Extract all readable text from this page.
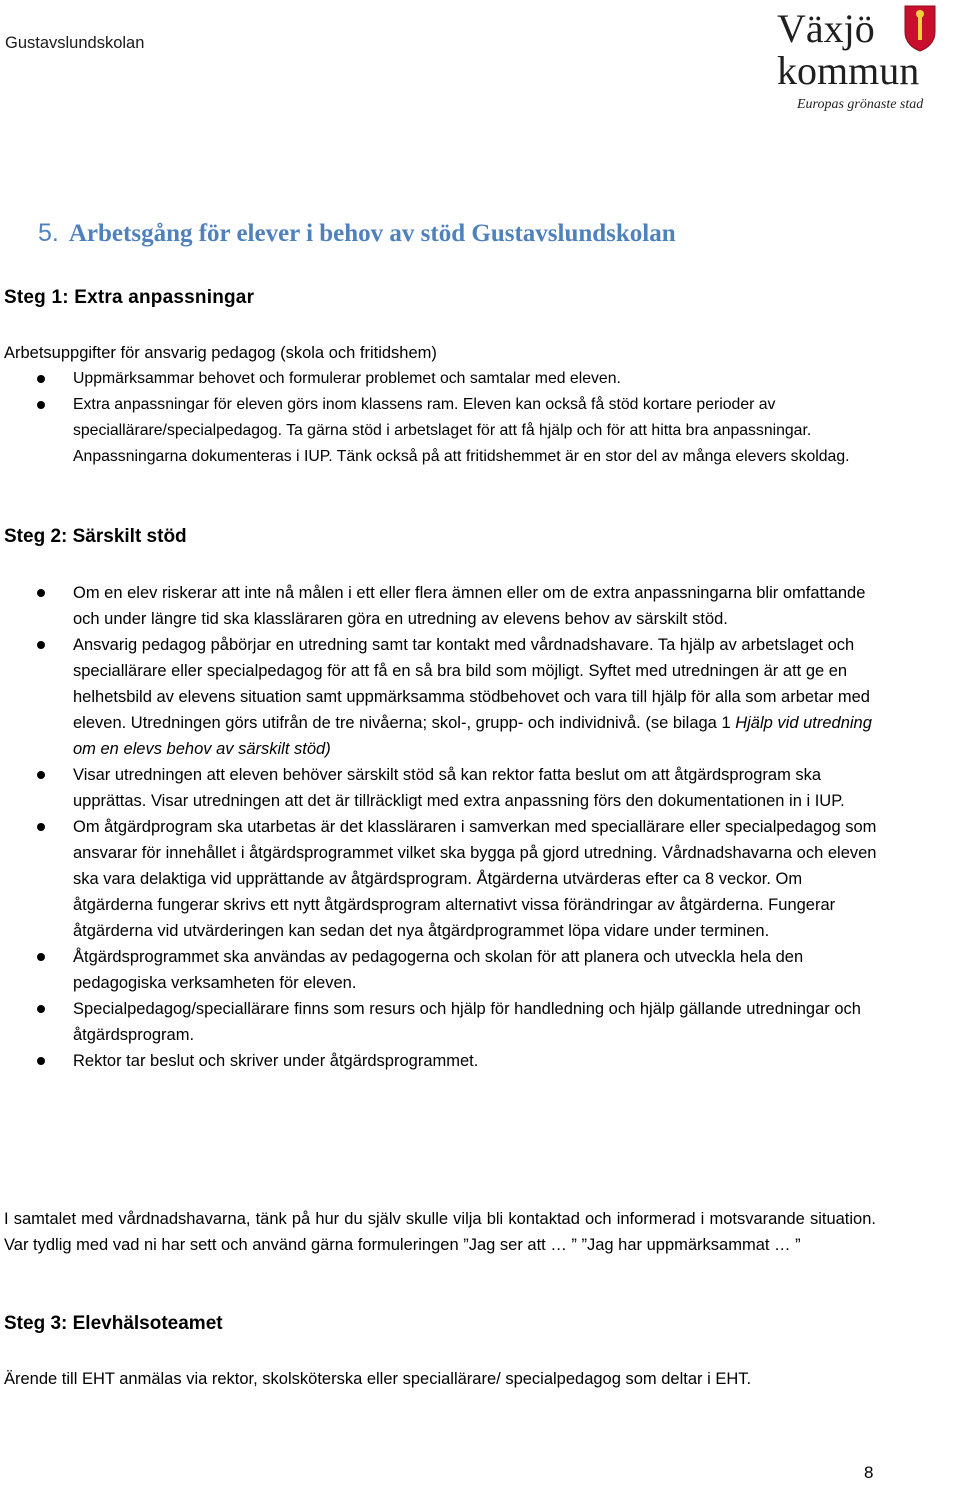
Gustavslundskolan	Växjö
kommun
Europas grönaste stad
5. Arbetsgång för elever i behov av stöd Gustavslundskolan
Steg 1: Extra anpassningar
Arbetsuppgifter för ansvarig pedagog (skola och fritidshem)
Uppmärksammar behovet och formulerar problemet och samtalar med eleven.
Extra anpassningar för eleven görs inom klassens ram. Eleven kan också få stöd kortare perioder av speciallärare/specialpedagog. Ta gärna stöd i arbetslaget för att få hjälp och för att hitta bra anpassningar. Anpassningarna dokumenteras i IUP. Tänk också på att fritidshemmet är en stor del av många elevers skoldag.
Steg 2: Särskilt stöd
Om en elev riskerar att inte nå målen i ett eller flera ämnen eller om de extra anpassningarna blir omfattande och under längre tid ska klassläraren göra en utredning av elevens behov av särskilt stöd.
Ansvarig pedagog påbörjar en utredning samt tar kontakt med vårdnadshavare. Ta hjälp av arbetslaget och speciallärare eller specialpedagog för att få en så bra bild som möjligt. Syftet med utredningen är att ge en helhetsbild av elevens situation samt uppmärksamma stödbehovet och vara till hjälp för alla som arbetar med eleven. Utredningen görs utifrån de tre nivåerna; skol-, grupp- och individnivå. (se bilaga 1 Hjälp vid utredning om en elevs behov av särskilt stöd)
Visar utredningen att eleven behöver särskilt stöd så kan rektor fatta beslut om att åtgärdsprogram ska upprättas. Visar utredningen att det är tillräckligt med extra anpassning förs den dokumentationen in i IUP.
Om åtgärdprogram ska utarbetas är det klassläraren i samverkan med speciallärare eller specialpedagog som ansvarar för innehållet i åtgärdsprogrammet vilket ska bygga på gjord utredning. Vårdnadshavarna och eleven ska vara delaktiga vid upprättande av åtgärdsprogram. Åtgärderna utvärderas efter ca 8 veckor. Om åtgärderna fungerar skrivs ett nytt åtgärdsprogram alternativt vissa förändringar av åtgärderna. Fungerar åtgärderna vid utvärderingen kan sedan det nya åtgärdprogrammet löpa vidare under terminen.
Åtgärdsprogrammet ska användas av pedagogerna och skolan för att planera och utveckla hela den pedagogiska verksamheten för eleven.
Specialpedagog/speciallärare finns som resurs och hjälp för handledning och hjälp gällande utredningar och åtgärdsprogram.
Rektor tar beslut och skriver under åtgärdsprogrammet.
I samtalet med vårdnadshavarna, tänk på hur du själv skulle vilja bli kontaktad och informerad i motsvarande situation. Var tydlig med vad ni har sett och använd gärna formuleringen ”Jag ser att … ” ”Jag har uppmärksammat … ”
Steg 3: Elevhälsoteamet
Ärende till EHT anmälas via rektor, skolsköterska eller speciallärare/ specialpedagog som deltar i EHT.
8
